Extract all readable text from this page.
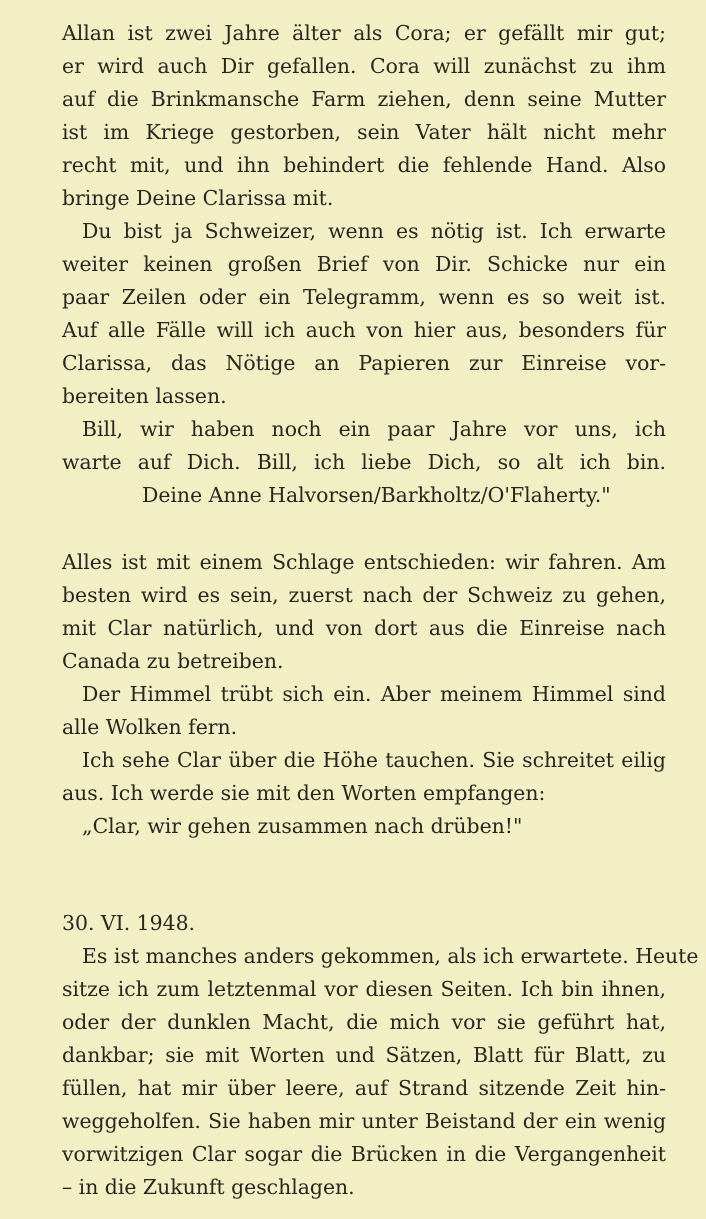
Allan ist zwei Jahre älter als Cora; er gefällt mir gut;
er wird auch Dir gefallen. Cora will zunächst zu ihm
auf die Brinkmansche Farm ziehen, denn seine Mutter
ist im Kriege gestorben, sein Vater hält nicht mehr
recht mit, und ihn behindert die fehlende Hand. Also
bringe Deine Clarissa mit.
Du bist ja Schweizer, wenn es nötig ist. Ich erwarte
weiter keinen großen Brief von Dir. Schicke nur ein
paar Zeilen oder ein Telegramm, wenn es so weit ist.
Auf alle Fälle will ich auch von hier aus, besonders für
Clarissa, das Nötige an Papieren zur Einreise vor-
bereiten lassen.
Bill, wir haben noch ein paar Jahre vor uns, ich
warte auf Dich. Bill, ich liebe Dich, so alt ich bin.
Deine Anne Halvorsen/Barkholtz/O'Flaherty."
Alles ist mit einem Schlage entschieden: wir fahren. Am
besten wird es sein, zuerst nach der Schweiz zu gehen,
mit Clar natürlich, und von dort aus die Einreise nach
Canada zu betreiben.
Der Himmel trübt sich ein. Aber meinem Himmel sind
alle Wolken fern.
Ich sehe Clar über die Höhe tauchen. Sie schreitet eilig
aus. Ich werde sie mit den Worten empfangen:
„Clar, wir gehen zusammen nach drüben!"
30. VI. 1948.
Es ist manches anders gekommen, als ich erwartete. Heute
sitze ich zum letztenmal vor diesen Seiten. Ich bin ihnen,
oder der dunklen Macht, die mich vor sie geführt hat,
dankbar; sie mit Worten und Sätzen, Blatt für Blatt, zu
füllen, hat mir über leere, auf Strand sitzende Zeit hin-
weggeholfen. Sie haben mir unter Beistand der ein wenig
vorwitzigen Clar sogar die Brücken in die Vergangenheit
– in die Zukunft geschlagen.
